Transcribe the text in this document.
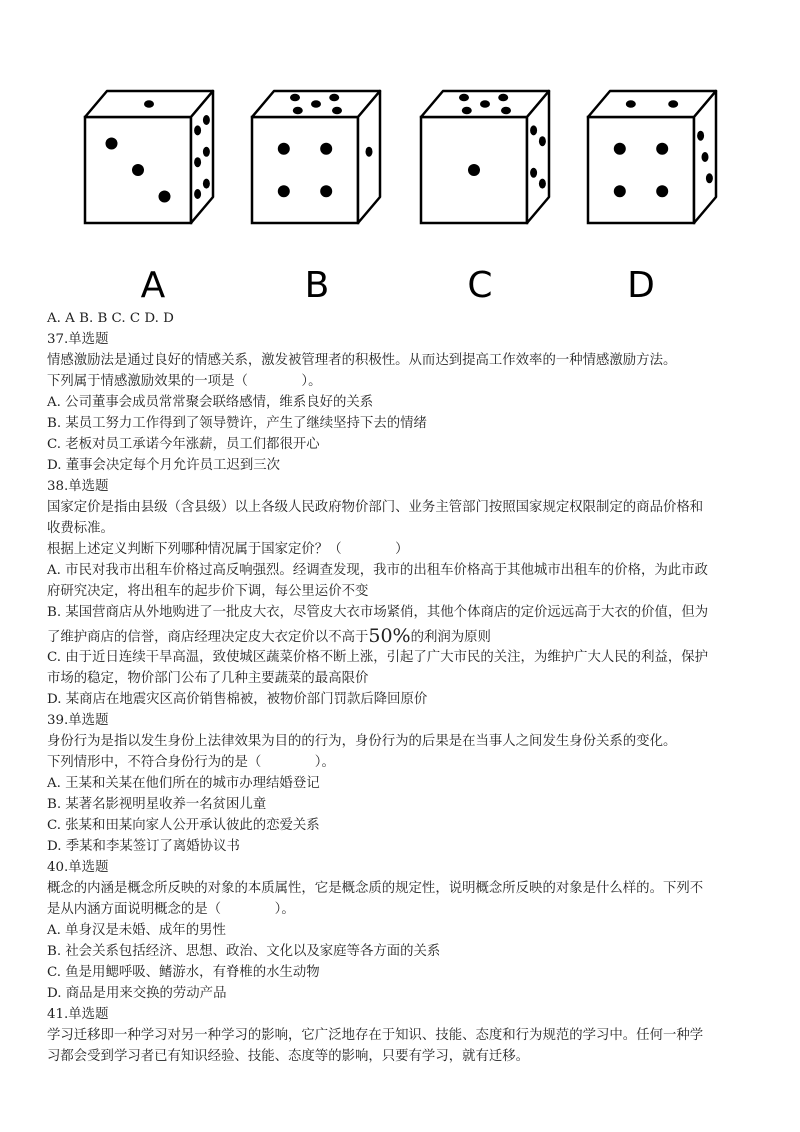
A	B	C	D
A. A B. B C. C D. D
37.单选题
情感激励法是通过良好的情感关系，激发被管理者的积极性。从而达到提高工作效率的一种情感激励方法。
下列属于情感激励效果的一项是（　　　　）。
A. 公司董事会成员常常聚会联络感情，维系良好的关系
B. 某员工努力工作得到了领导赞许，产生了继续坚持下去的情绪
C. 老板对员工承诺今年涨薪，员工们都很开心
D. 董事会决定每个月允许员工迟到三次
38.单选题
国家定价是指由县级（含县级）以上各级人民政府物价部门、业务主管部门按照国家规定权限制定的商品价格和
收费标准。
根据上述定义判断下列哪种情况属于国家定价？（　　　　）
A. 市民对我市出租车价格过高反响强烈。经调查发现，我市的出租车价格高于其他城市出租车的价格，为此市政
府研究决定，将出租车的起步价下调，每公里运价不变
B. 某国营商店从外地购进了一批皮大衣，尽管皮大衣市场紧俏，其他个体商店的定价远远高于大衣的价值，但为
了维护商店的信誉，商店经理决定皮大衣定价以不高于50%的利润为原则
C. 由于近日连续干旱高温，致使城区蔬菜价格不断上涨，引起了广大市民的关注，为维护广大人民的利益，保护
市场的稳定，物价部门公布了几种主要蔬菜的最高限价
D. 某商店在地震灾区高价销售棉被，被物价部门罚款后降回原价
39.单选题
身份行为是指以发生身份上法律效果为目的的行为，身份行为的后果是在当事人之间发生身份关系的变化。
下列情形中，不符合身份行为的是（　　　　）。
A. 王某和关某在他们所在的城市办理结婚登记
B. 某著名影视明星收养一名贫困儿童
C. 张某和田某向家人公开承认彼此的恋爱关系
D. 季某和李某签订了离婚协议书
40.单选题
概念的内涵是概念所反映的对象的本质属性，它是概念质的规定性，说明概念所反映的对象是什么样的。下列不
是从内涵方面说明概念的是（　　　　）。
A. 单身汉是未婚、成年的男性
B. 社会关系包括经济、思想、政治、文化以及家庭等各方面的关系
C. 鱼是用鳃呼吸、鳍游水，有脊椎的水生动物
D. 商品是用来交换的劳动产品
41.单选题
学习迁移即一种学习对另一种学习的影响，它广泛地存在于知识、技能、态度和行为规范的学习中。任何一种学
习都会受到学习者已有知识经验、技能、态度等的影响，只要有学习，就有迁移。
